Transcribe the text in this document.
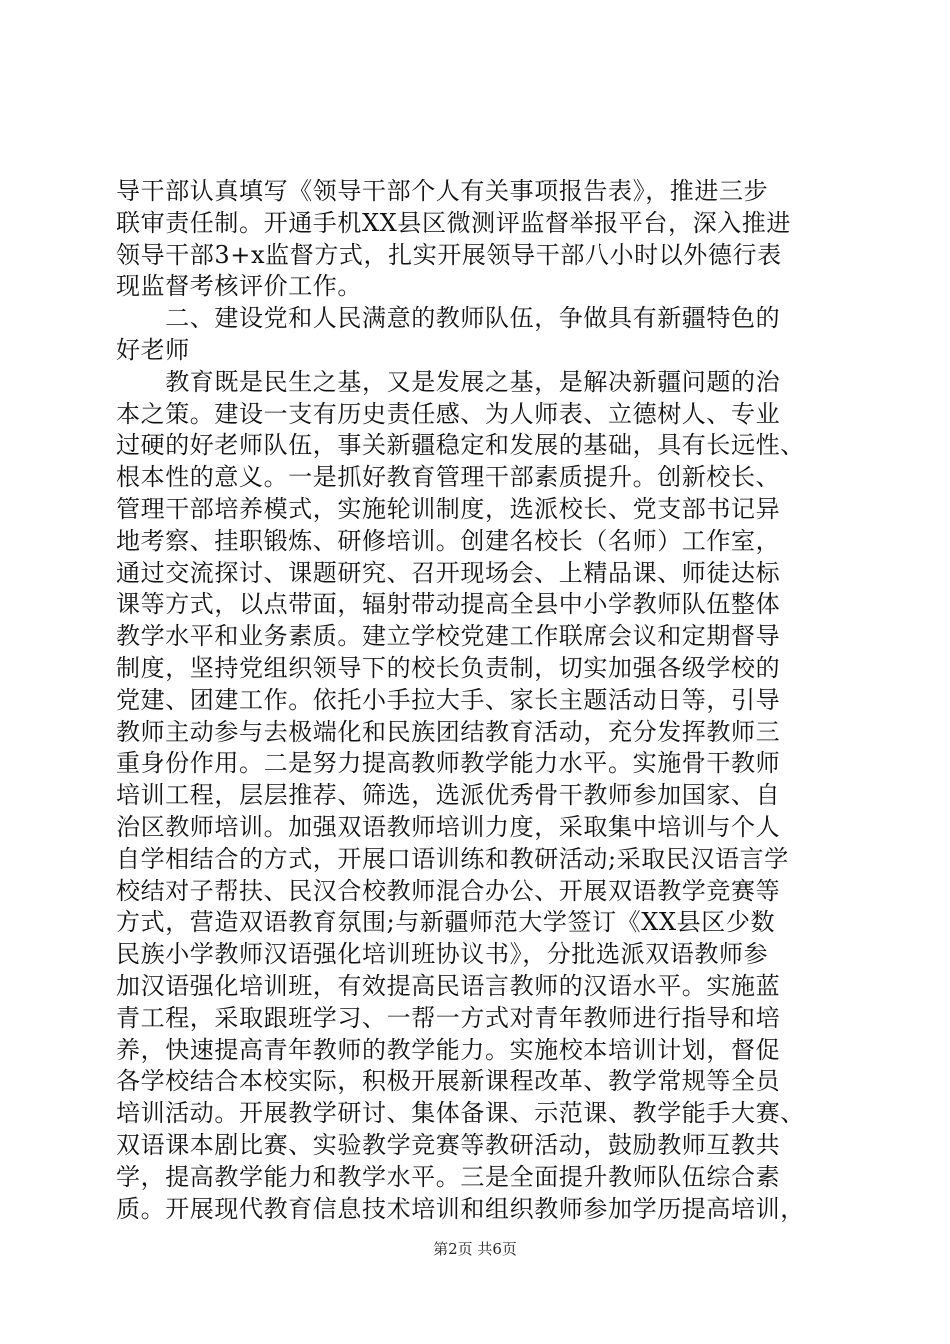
导干部认真填写《领导干部个人有关事项报告表》，推进三步
联审责任制。开通手机XX县区微测评监督举报平台，深入推进
领导干部3+x监督方式，扎实开展领导干部八小时以外德行表
现监督考核评价工作。
　　二、建设党和人民满意的教师队伍，争做具有新疆特色的
好老师
　　教育既是民生之基，又是发展之基，是解决新疆问题的治
本之策。建设一支有历史责任感、为人师表、立德树人、专业
过硬的好老师队伍，事关新疆稳定和发展的基础，具有长远性、
根本性的意义。一是抓好教育管理干部素质提升。创新校长、
管理干部培养模式，实施轮训制度，选派校长、党支部书记异
地考察、挂职锻炼、研修培训。创建名校长（名师）工作室，
通过交流探讨、课题研究、召开现场会、上精品课、师徒达标
课等方式，以点带面，辐射带动提高全县中小学教师队伍整体
教学水平和业务素质。建立学校党建工作联席会议和定期督导
制度，坚持党组织领导下的校长负责制，切实加强各级学校的
党建、团建工作。依托小手拉大手、家长主题活动日等，引导
教师主动参与去极端化和民族团结教育活动，充分发挥教师三
重身份作用。二是努力提高教师教学能力水平。实施骨干教师
培训工程，层层推荐、筛选，选派优秀骨干教师参加国家、自
治区教师培训。加强双语教师培训力度，采取集中培训与个人
自学相结合的方式，开展口语训练和教研活动;采取民汉语言学
校结对子帮扶、民汉合校教师混合办公、开展双语教学竞赛等
方式，营造双语教育氛围;与新疆师范大学签订《XX县区少数
民族小学教师汉语强化培训班协议书》，分批选派双语教师参
加汉语强化培训班，有效提高民语言教师的汉语水平。实施蓝
青工程，采取跟班学习、一帮一方式对青年教师进行指导和培
养，快速提高青年教师的教学能力。实施校本培训计划，督促
各学校结合本校实际，积极开展新课程改革、教学常规等全员
培训活动。开展教学研讨、集体备课、示范课、教学能手大赛、
双语课本剧比赛、实验教学竞赛等教研活动，鼓励教师互教共
学，提高教学能力和教学水平。三是全面提升教师队伍综合素
质。开展现代教育信息技术培训和组织教师参加学历提高培训，
第2页 共6页
